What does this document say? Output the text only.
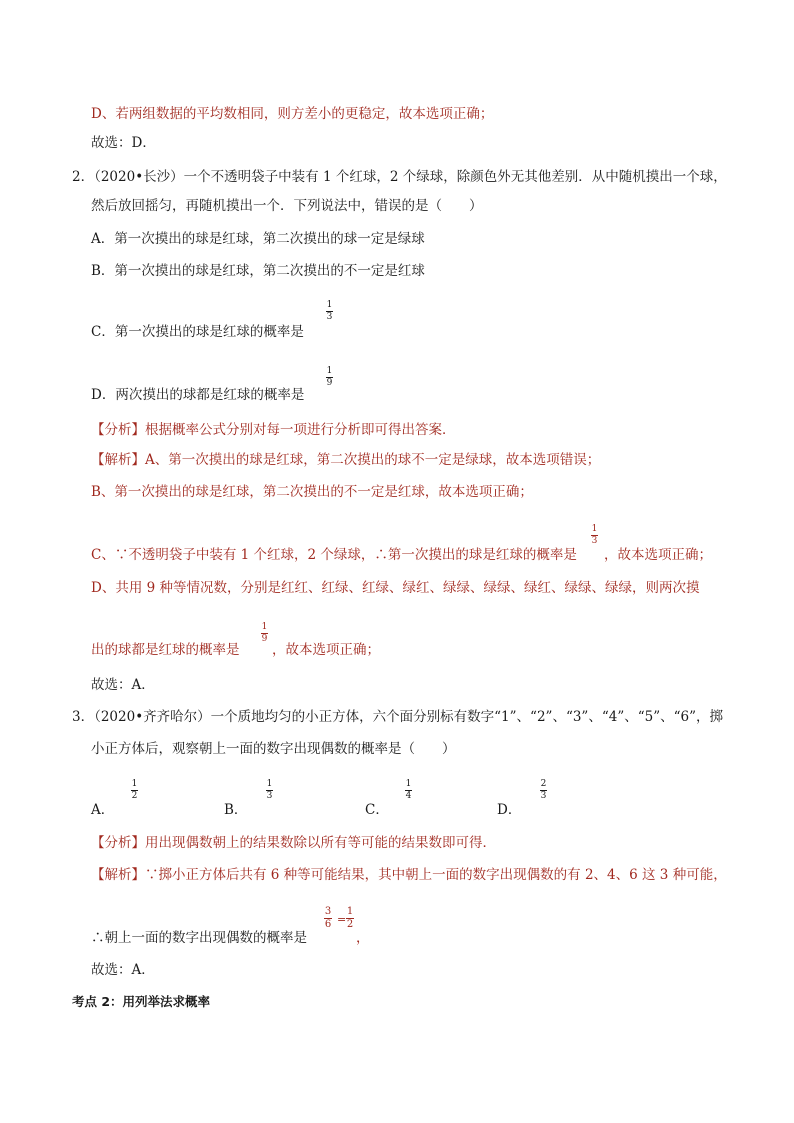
D、若两组数据的平均数相同，则方差小的更稳定，故本选项正确；
故选：D．
2．（2020•长沙）一个不透明袋子中装有 1 个红球，2 个绿球，除颜色外无其他差别．从中随机摸出一个球，
然后放回摇匀，再随机摸出一个．下列说法中，错误的是（　　）
A．第一次摸出的球是红球，第二次摸出的球一定是绿球
B．第一次摸出的球是红球，第二次摸出的不一定是红球
C．第一次摸出的球是红球的概率是
1
3
D．两次摸出的球都是红球的概率是
1
9
【分析】根据概率公式分别对每一项进行分析即可得出答案．
【解析】A、第一次摸出的球是红球，第二次摸出的球不一定是绿球，故本选项错误；
B、第一次摸出的球是红球，第二次摸出的不一定是红球，故本选项正确；
C、∵不透明袋子中装有 1 个红球，2 个绿球，∴第一次摸出的球是红球的概率是
1
3
，故本选项正确；
D、共用 9 种等情况数，分别是红红、红绿、红绿、绿红、绿绿、绿绿、绿红、绿绿、绿绿，则两次摸
出的球都是红球的概率是
1
9
，故本选项正确；
故选：A．
3．（2020•齐齐哈尔）一个质地均匀的小正方体，六个面分别标有数字“1”、“2”、“3”、“4”、“5”、“6”，掷
小正方体后，观察朝上一面的数字出现偶数的概率是（　　）
A．
1
2
B．
1
3
C．
1
4
D．
2
3
【分析】用出现偶数朝上的结果数除以所有等可能的结果数即可得．
【解析】∵掷小正方体后共有 6 种等可能结果，其中朝上一面的数字出现偶数的有 2、4、6 这 3 种可能，
∴朝上一面的数字出现偶数的概率是
3
6 =
1
2
，
故选：A．
考点 2：用列举法求概率
